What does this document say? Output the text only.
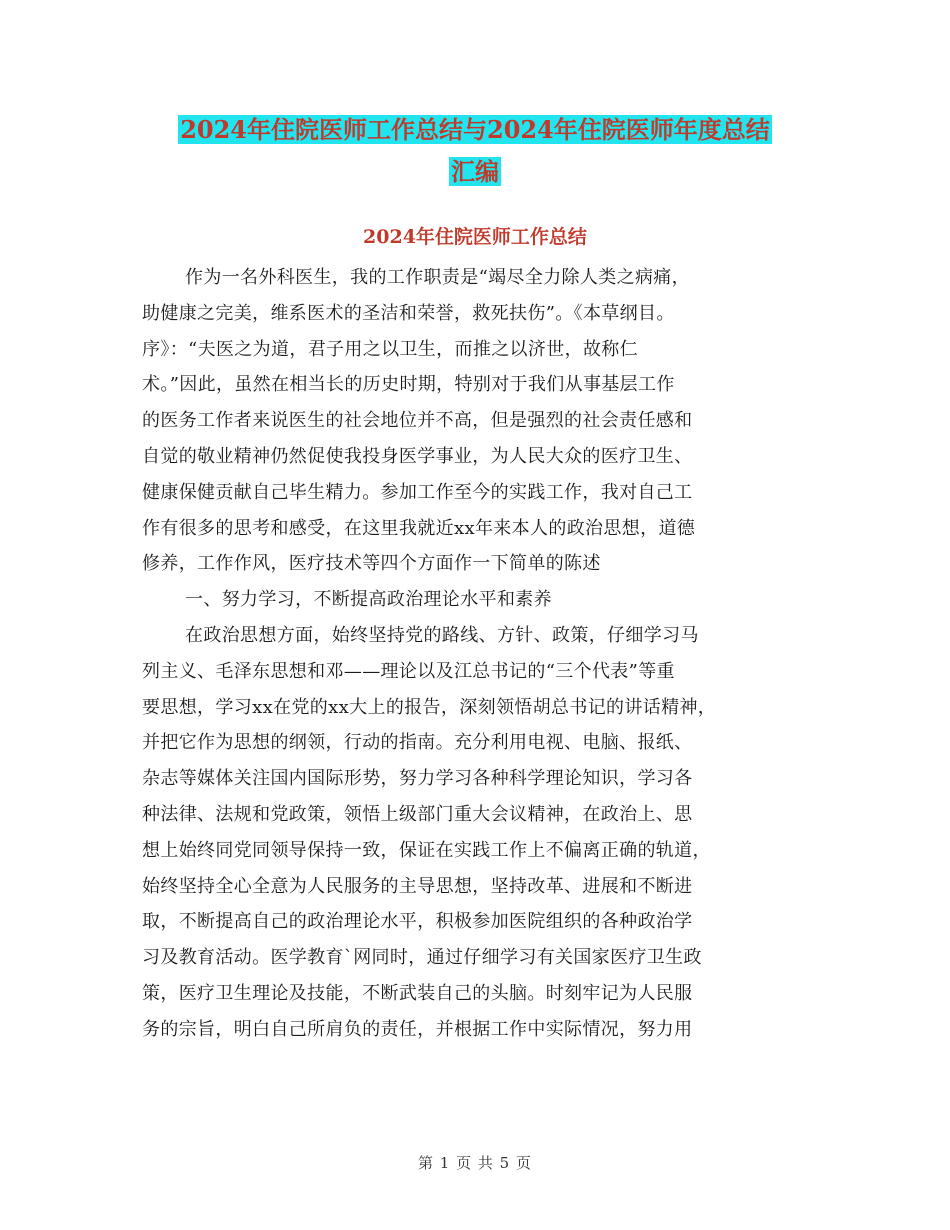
2024年住院医师工作总结与2024年住院医师年度总结
汇编
2024年住院医师工作总结
作为一名外科医生，我的工作职责是“竭尽全力除人类之病痛，
助健康之完美，维系医术的圣洁和荣誉，救死扶伤”。《本草纲目。
序》：“夫医之为道，君子用之以卫生，而推之以济世，故称仁
术。”因此，虽然在相当长的历史时期，特别对于我们从事基层工作
的医务工作者来说医生的社会地位并不高，但是强烈的社会责任感和
自觉的敬业精神仍然促使我投身医学事业，为人民大众的医疗卫生、
健康保健贡献自己毕生精力。参加工作至今的实践工作，我对自己工
作有很多的思考和感受，在这里我就近xx年来本人的政治思想，道德
修养，工作作风，医疗技术等四个方面作一下简单的陈述
一、努力学习，不断提高政治理论水平和素养
在政治思想方面，始终坚持党的路线、方针、政策，仔细学习马
列主义、毛泽东思想和邓——理论以及江总书记的“三个代表”等重
要思想，学习xx在党的xx大上的报告，深刻领悟胡总书记的讲话精神，
并把它作为思想的纲领，行动的指南。充分利用电视、电脑、报纸、
杂志等媒体关注国内国际形势，努力学习各种科学理论知识，学习各
种法律、法规和党政策，领悟上级部门重大会议精神，在政治上、思
想上始终同党同领导保持一致，保证在实践工作上不偏离正确的轨道，
始终坚持全心全意为人民服务的主导思想，坚持改革、进展和不断进
取，不断提高自己的政治理论水平，积极参加医院组织的各种政治学
习及教育活动。医学教育`网同时，通过仔细学习有关国家医疗卫生政
策，医疗卫生理论及技能，不断武装自己的头脑。时刻牢记为人民服
务的宗旨，明白自己所肩负的责任，并根据工作中实际情况，努力用
第 1 页 共 5 页
